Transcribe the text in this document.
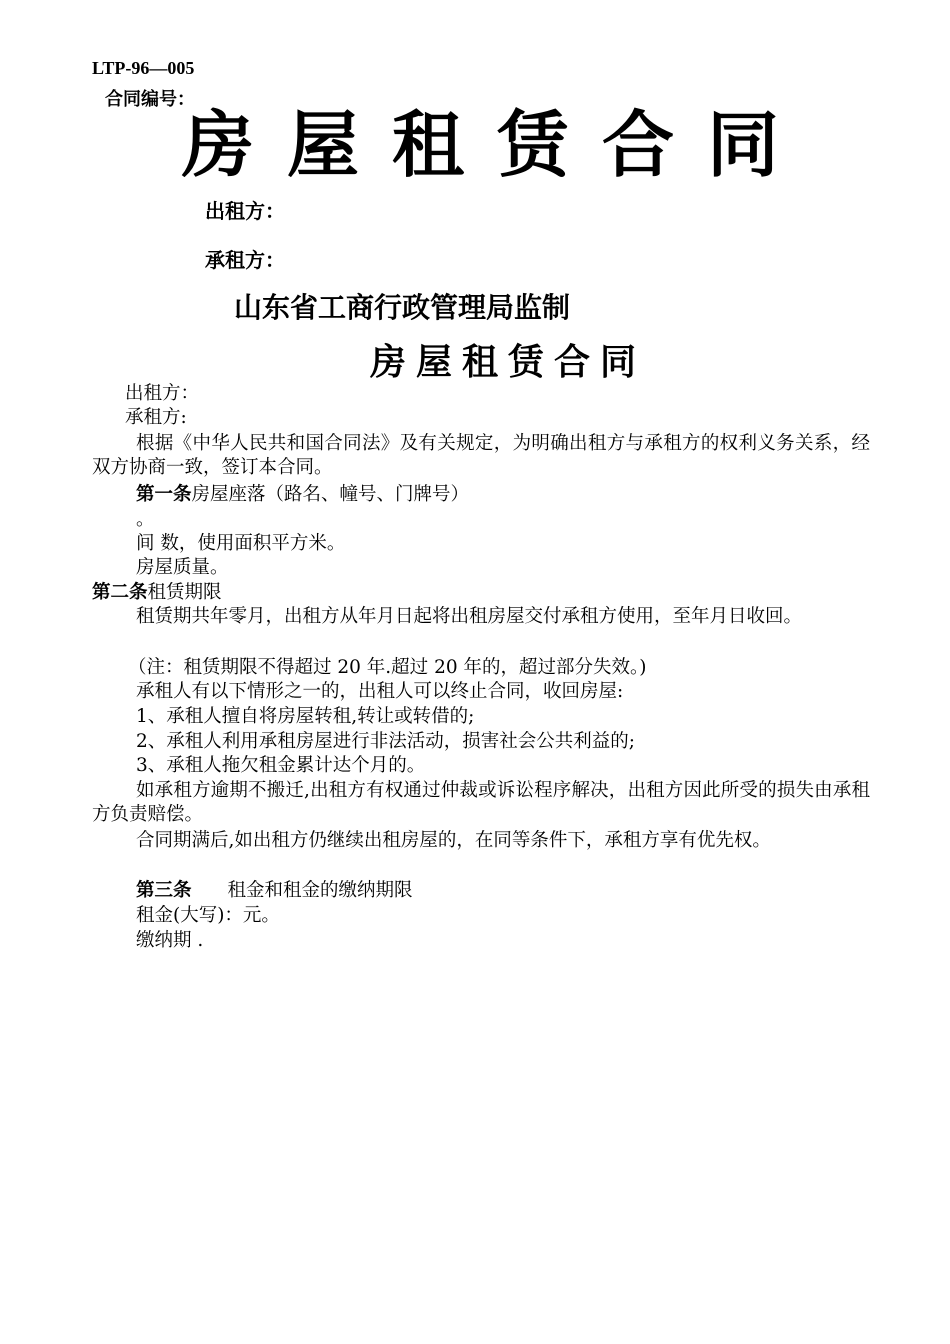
LTP-96—005
合同编号：
房屋租赁合同
出租方：
承租方：
山东省工商行政管理局监制
房屋租赁合同
出租方：
承租方:
根据《中华人民共和国合同法》及有关规定，为明确出租方与承租方的权利义务关系，经双方协商一致，签订本合同。
第一条房屋座落（路名、幢号、门牌号）
。
间 数，使用面积平方米。
房屋质量。
第二条租赁期限
租赁期共年零月，出租方从年月日起将出租房屋交付承租方使用，至年月日收回。
（注：租赁期限不得超过 20 年.超过 20 年的，超过部分失效。)
承租人有以下情形之一的，出租人可以终止合同，收回房屋:
1、承租人擅自将房屋转租,转让或转借的;
2、承租人利用承租房屋进行非法活动，损害社会公共利益的;
3、承租人拖欠租金累计达个月的。
如承租方逾期不搬迁,出租方有权通过仲裁或诉讼程序解决，出租方因此所受的损失由承租方负责赔偿。
合同期满后,如出租方仍继续出租房屋的，在同等条件下，承租方享有优先权。
第三条 租金和租金的缴纳期限
租金(大写)：元。
缴纳期 .
